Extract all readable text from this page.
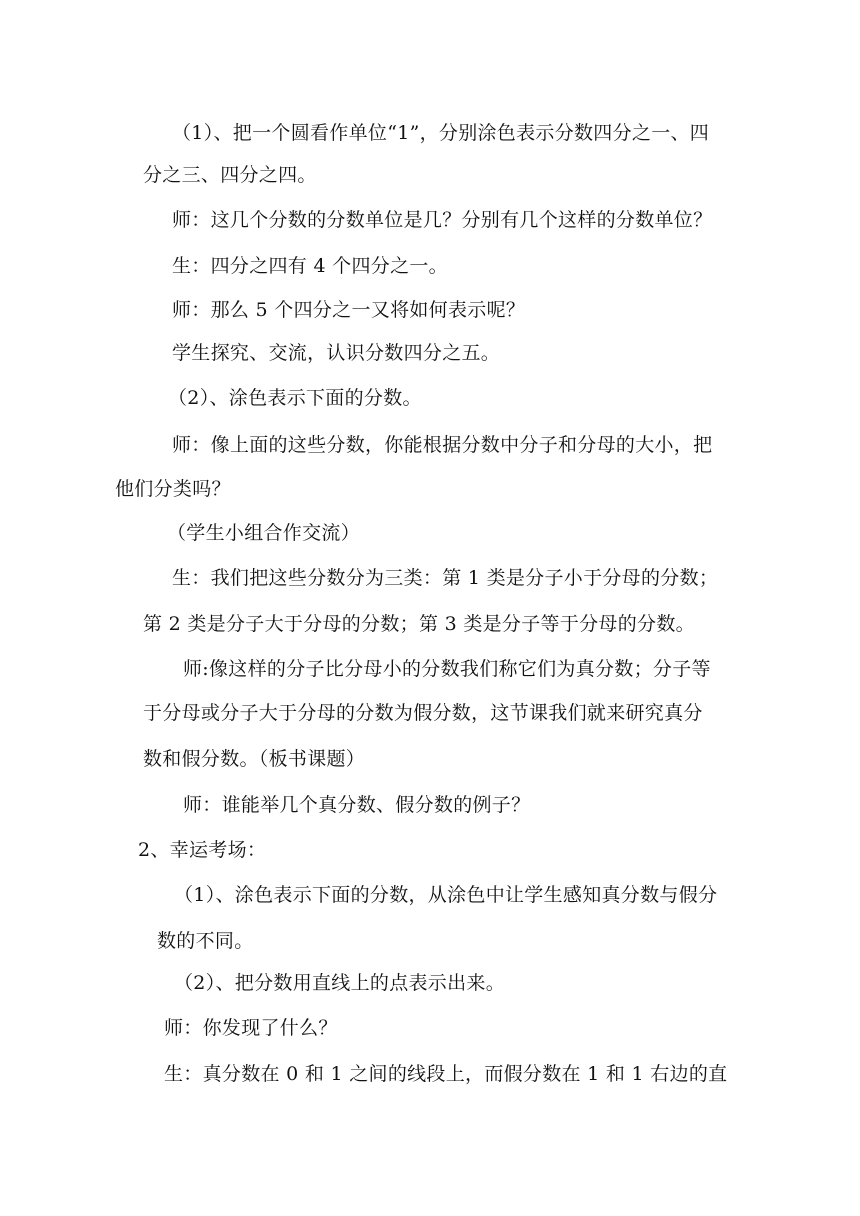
（1）、把一个圆看作单位“1”，分别涂色表示分数四分之一、四
分之三、四分之四。
师：这几个分数的分数单位是几？分别有几个这样的分数单位？
生：四分之四有 4 个四分之一。
师：那么 5 个四分之一又将如何表示呢？
学生探究、交流，认识分数四分之五。
（2）、涂色表示下面的分数。
师：像上面的这些分数，你能根据分数中分子和分母的大小，把
他们分类吗？
（学生小组合作交流）
生：我们把这些分数分为三类：第 1 类是分子小于分母的分数；
第 2 类是分子大于分母的分数；第 3 类是分子等于分母的分数。
师:像这样的分子比分母小的分数我们称它们为真分数；分子等
于分母或分子大于分母的分数为假分数，这节课我们就来研究真分
数和假分数。（板书课题）
师：谁能举几个真分数、假分数的例子？
2、幸运考场：
（1）、涂色表示下面的分数，从涂色中让学生感知真分数与假分
数的不同。
（2）、把分数用直线上的点表示出来。
师：你发现了什么？
生：真分数在 0 和 1 之间的线段上，而假分数在 1 和 1 右边的直
